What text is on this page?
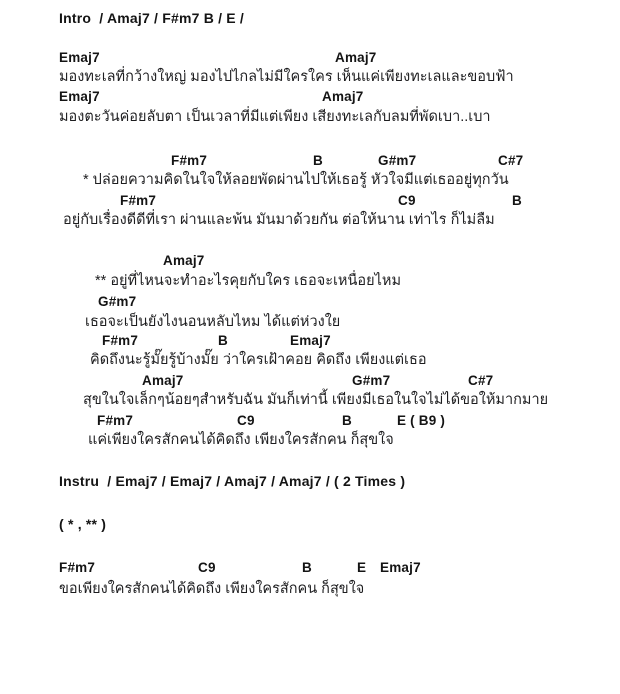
Intro  / Amaj7 / F#m7 B / E /

Emaj7

	Amaj7

มองทะเลที่กว้างใหญ่ มองไปไกลไม่มีใครใคร เห็นแค่เพียงทะเลและขอบฟ้า

Emaj7

	Amaj7

มองตะวันค่อยลับตา เป็นเวลาที่มีแต่เพียง เสียงทะเลกับลมที่พัดเบา..เบา

F#m7

	B

	G#m7

	C#7

* ปล่อยความคิดในใจให้ลอยพัดผ่านไปให้เธอรู้ หัวใจมีแต่เธออยู่ทุกวัน

F#m7

	C9

	B

อยู่กับเรื่องดีดีที่เรา ผ่านและพ้น มันมาด้วยกัน ต่อให้นาน เท่าไร ก็ไม่ลืม

Amaj7

** อยู่ที่ไหนจะทำอะไรคุยกับใคร เธอจะเหนื่อยไหม

G#m7

เธอจะเป็นยังไงนอนหลับไหม ได้แต่ห่วงใย

F#m7

	B

	Emaj7

คิดถึงนะรู้มั๊ยรู้บ้างมั๊ย ว่าใครเฝ้าคอย คิดถึง เพียงแต่เธอ

Amaj7

	G#m7

	C#7

สุขในใจเล็กๆน้อยๆสำหรับฉัน มันก็เท่านี้ เพียงมีเธอในใจไม่ได้ขอให้มากมาย

F#m7

	C9

	B

	E ( B9 )

แค่เพียงใครสักคนได้คิดถึง เพียงใครสักคน ก็สุขใจ
Instru  / Emaj7 / Emaj7 / Amaj7 / Amaj7 / ( 2 Times )
( * , ** )

F#m7

	C9

	B

	E

Emaj7

ขอเพียงใครสักคนได้คิดถึง เพียงใครสักคน ก็สุขใจ
